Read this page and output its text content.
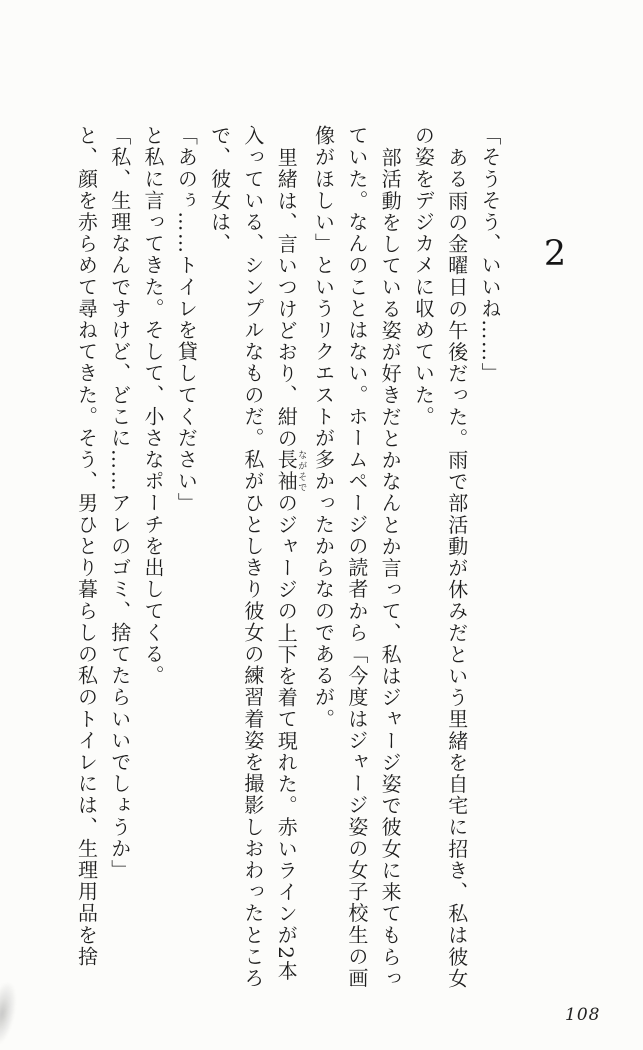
2
「そうそう、いいね……」
ある雨の金曜日の午後だった。雨で部活動が休みだという里緒を自宅に招き、私は彼女
の姿をデジカメに収めていた。
部活動をしている姿が好きだとかなんとか言って、私はジャージ姿で彼女に来てもらっ
ていた。なんのことはない。ホームページの読者から「今度はジャージ姿の女子校生の画
像がほしい」というリクエストが多かったからなのであるが。
里緒は、言いつけどおり、紺の長袖ながそでのジャージの上下を着て現れた。赤いラインが2本
入っている、シンプルなものだ。私がひとしきり彼女の練習着姿を撮影しおわったところ
で、彼女は、
「あのぅ……トイレを貸してください」
と私に言ってきた。そして、小さなポーチを出してくる。
「私、生理なんですけど、どこに……アレのゴミ、捨てたらいいでしょうか」
と、顔を赤らめて尋ねてきた。そう、男ひとり暮らしの私のトイレには、生理用品を捨
108
